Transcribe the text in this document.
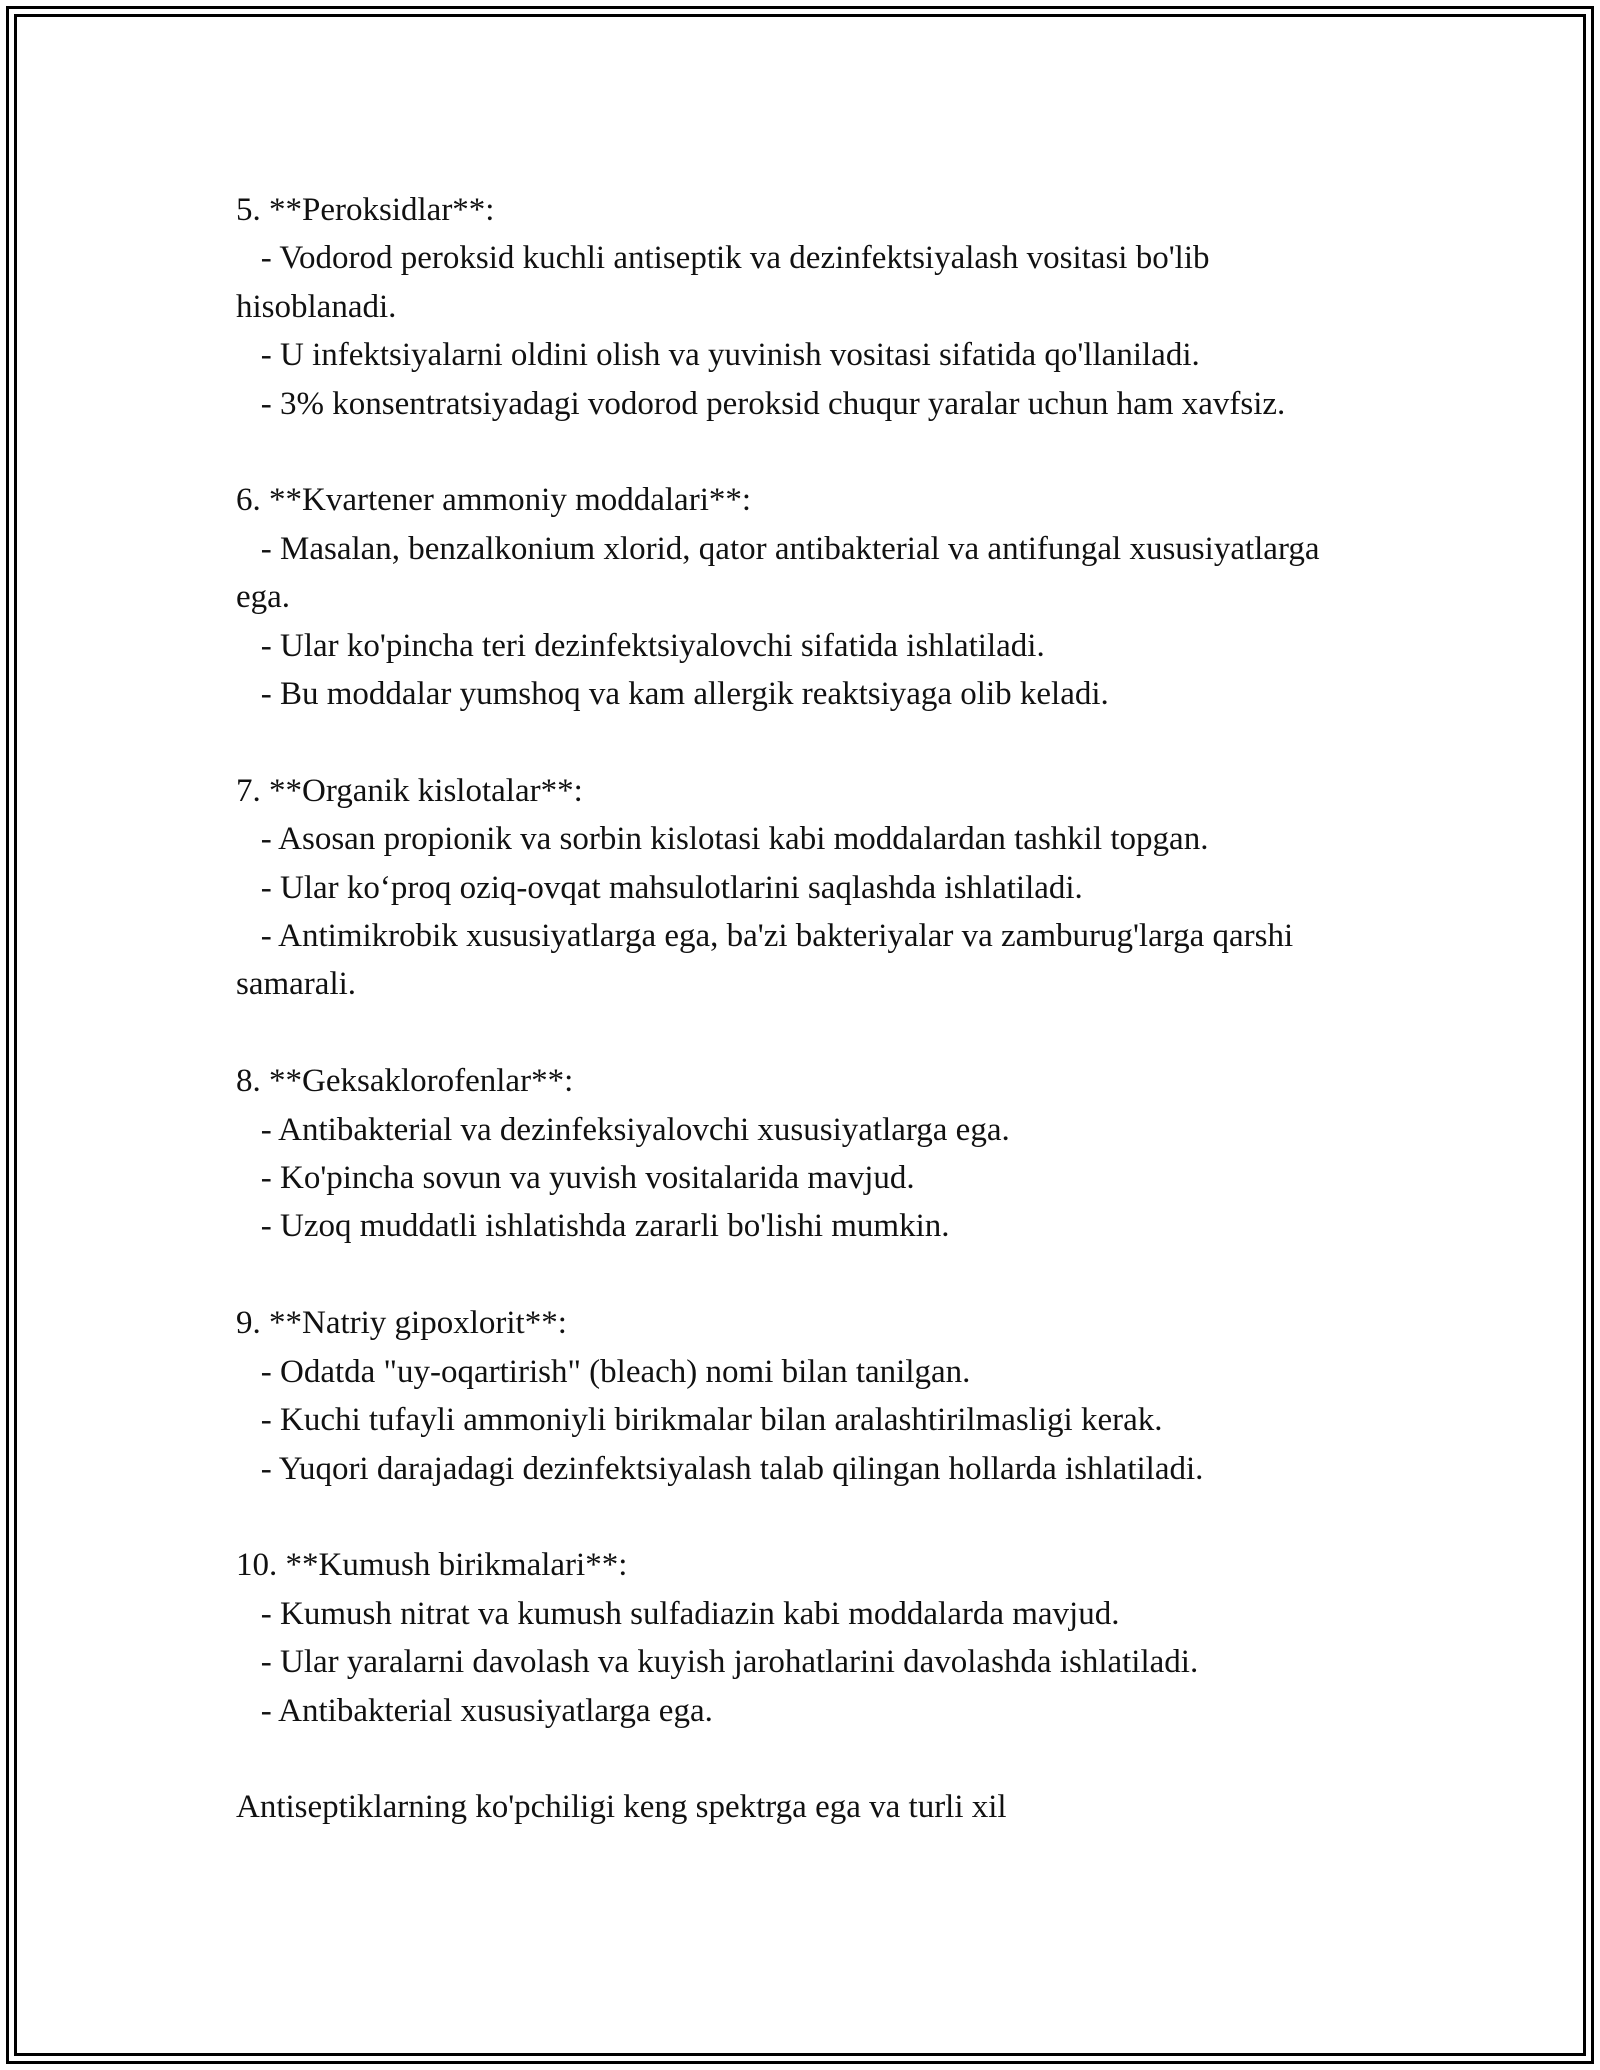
5. **Peroksidlar**:

- Vodorod peroksid kuchli antiseptik va dezinfektsiyalash vositasi bo'lib hisoblanadi.

- U infektsiyalarni oldini olish va yuvinish vositasi sifatida qo'llaniladi.

- 3% konsentratsiyadagi vodorod peroksid chuqur yaralar uchun ham xavfsiz.

6. **Kvartener ammoniy moddalari**:

- Masalan, benzalkonium xlorid, qator antibakterial va antifungal xususiyatlarga ega.

- Ular ko'pincha teri dezinfektsiyalovchi sifatida ishlatiladi.

- Bu moddalar yumshoq va kam allergik reaktsiyaga olib keladi.

7. **Organik kislotalar**:

- Asosan propionik va sorbin kislotasi kabi moddalardan tashkil topgan.

- Ular ko‘proq oziq-ovqat mahsulotlarini saqlashda ishlatiladi.

- Antimikrobik xususiyatlarga ega, ba'zi bakteriyalar va zamburug'larga qarshi samarali.

8. **Geksaklorofenlar**:

- Antibakterial va dezinfeksiyalovchi xususiyatlarga ega.

- Ko'pincha sovun va yuvish vositalarida mavjud.

- Uzoq muddatli ishlatishda zararli bo'lishi mumkin.

9. **Natriy gipoxlorit**:

- Odatda "uy-oqartirish" (bleach) nomi bilan tanilgan.

- Kuchi tufayli ammoniyli birikmalar bilan aralashtirilmasligi kerak.

- Yuqori darajadagi dezinfektsiyalash talab qilingan hollarda ishlatiladi.

10. **Kumush birikmalari**:

- Kumush nitrat va kumush sulfadiazin kabi moddalarda mavjud.

- Ular yaralarni davolash va kuyish jarohatlarini davolashda ishlatiladi.

- Antibakterial xususiyatlarga ega.

Antiseptiklarning ko'pchiligi keng spektrga ega va turli xil
